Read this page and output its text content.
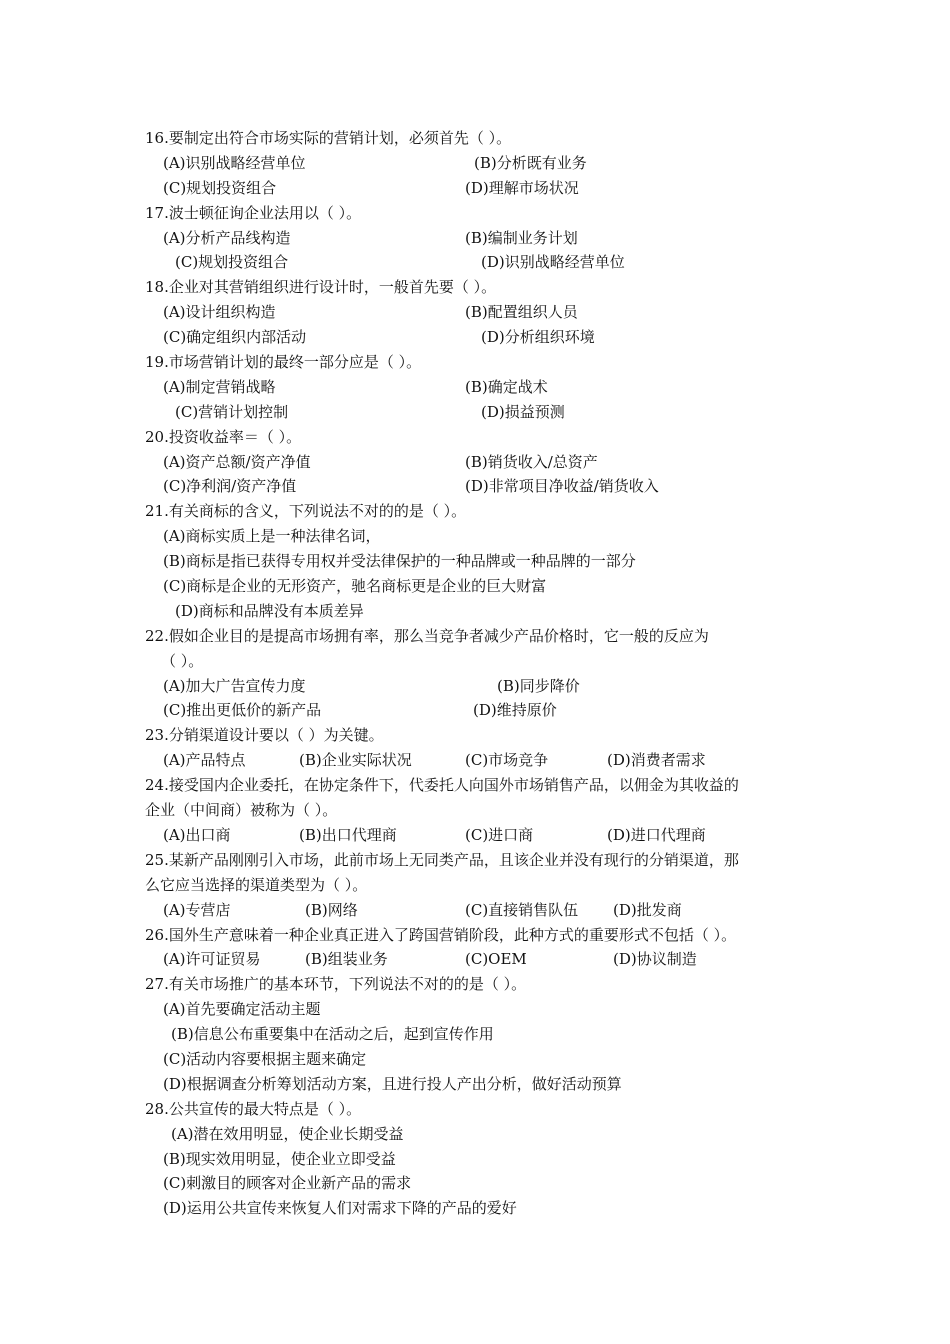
16.要制定出符合市场实际的营销计划，必须首先（ ）。
(A)识别战略经营单位	(B)分析既有业务
(C)规划投资组合	(D)理解市场状况
17.波士顿征询企业法用以（ ）。
(A)分析产品线构造	(B)编制业务计划
(C)规划投资组合	(D)识别战略经营单位
18.企业对其营销组织进行设计时，一般首先要（ ）。
(A)设计组织构造	(B)配置组织人员
(C)确定组织内部活动	(D)分析组织环境
19.市场营销计划的最终一部分应是（ ）。
(A)制定营销战略	(B)确定战术
(C)营销计划控制	(D)损益预测
20.投资收益率＝（ ）。
(A)资产总额/资产净值	(B)销货收入/总资产
(C)净利润/资产净值	(D)非常项目净收益/销货收入
21.有关商标的含义，下列说法不对的的是（ ）。
(A)商标实质上是一种法律名词，
(B)商标是指已获得专用权并受法律保护的一种品牌或一种品牌的一部分
(C)商标是企业的无形资产，驰名商标更是企业的巨大财富
(D)商标和品牌没有本质差异
22.假如企业目的是提高市场拥有率，那么当竞争者减少产品价格时，它一般的反应为
（ ）。
(A)加大广告宣传力度	(B)同步降价
(C)推出更低价的新产品	(D)维持原价
23.分销渠道设计要以（ ）为关键。
(A)产品特点	(B)企业实际状况	(C)市场竞争	(D)消费者需求
24.接受国内企业委托，在协定条件下，代委托人向国外市场销售产品，以佣金为其收益的
企业（中间商）被称为（ ）。
(A)出口商	(B)出口代理商	(C)进口商	(D)进口代理商
25.某新产品刚刚引入市场，此前市场上无同类产品，且该企业并没有现行的分销渠道，那
么它应当选择的渠道类型为（ ）。
(A)专营店	(B)网络	(C)直接销售队伍 (D)批发商
26.国外生产意味着一种企业真正进入了跨国营销阶段，此种方式的重要形式不包括（ ）。
(A)许可证贸易	(B)组装业务	(C)OEM	(D)协议制造
27.有关市场推广的基本环节，下列说法不对的的是（ ）。
(A)首先要确定活动主题
(B)信息公布重要集中在活动之后，起到宣传作用
(C)活动内容要根据主题来确定
(D)根据调查分析筹划活动方案，且进行投人产出分析，做好活动预算
28.公共宣传的最大特点是（ ）。
(A)潜在效用明显，使企业长期受益
(B)现实效用明显，使企业立即受益
(C)刺激目的顾客对企业新产品的需求
(D)运用公共宣传来恢复人们对需求下降的产品的爱好
